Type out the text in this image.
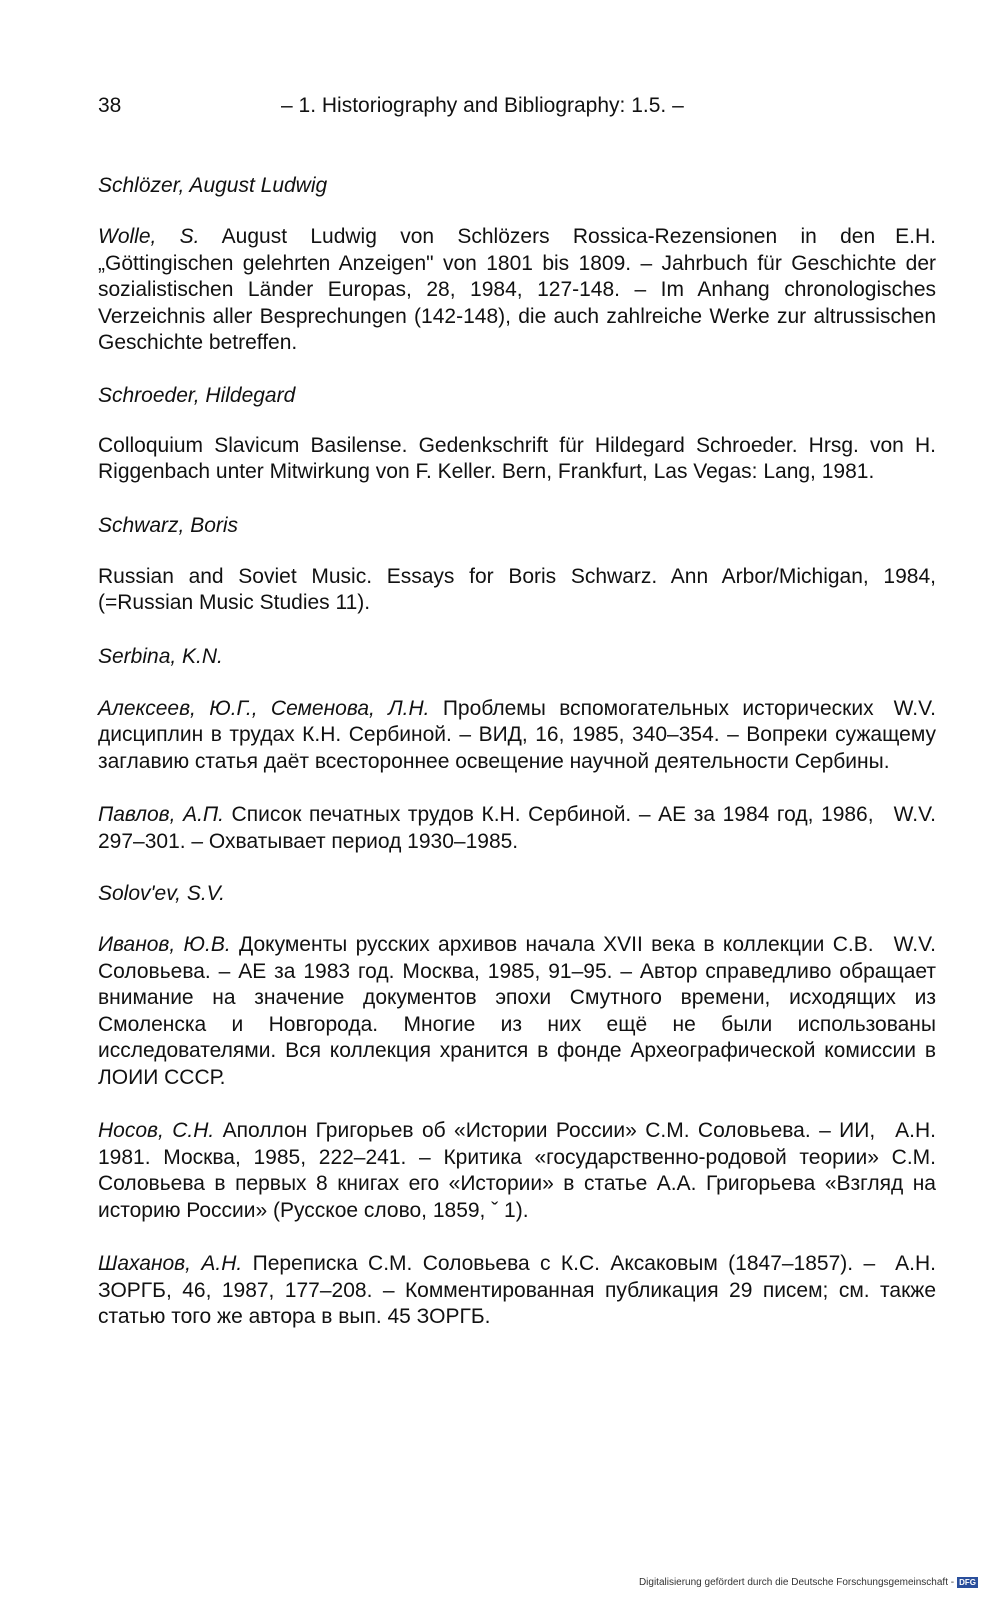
38	– 1. Historiography and Bibliography: 1.5. –

Schlözer, August Ludwig

E.H.
Wolle, S. August Ludwig von Schlözers Rossica-Rezensionen in den „Göttingischen gelehrten Anzeigen" von 1801 bis 1809. – Jahrbuch für Geschichte der sozialistischen Länder Europas, 28, 1984, 127-148. – Im Anhang chronologisches Verzeichnis aller Besprechungen (142-148), die auch zahlreiche Werke zur altrussischen Geschichte betreffen.

Schroeder, Hildegard

Colloquium Slavicum Basilense. Gedenkschrift für Hildegard Schroeder. Hrsg. von H. Riggenbach unter Mitwirkung von F. Keller. Bern, Frankfurt, Las Vegas: Lang, 1981.

Schwarz, Boris

Russian and Soviet Music. Essays for Boris Schwarz. Ann Arbor/Michigan, 1984, (=Russian Music Studies 11).

Serbina, K.N.

W.V.
Алексеев, Ю.Г., Семенова, Л.Н. Проблемы вспомогательных исторических дисциплин в трудах К.Н. Сербиной. – ВИД, 16, 1985, 340–354. – Вопреки сужащему заглавию статья даёт всестороннее освещение научной деятельности Сербины.

W.V.
Павлов, А.П. Список печатных трудов К.Н. Сербиной. – АЕ за 1984 год, 1986, 297–301. – Охватывает период 1930–1985.

Solov'ev, S.V.

W.V.
Иванов, Ю.В. Документы русских архивов начала XVII века в коллекции С.В. Соловьева. – АЕ за 1983 год. Москва, 1985, 91–95. – Автор справедливо обращает внимание на значение документов эпохи Смутного времени, исходящих из Смоленска и Новгорода. Многие из них ещё не были использованы исследователями. Вся коллекция хранится в фонде Археографической комиссии в ЛОИИ СССР.

A.H.
Носов, С.Н. Аполлон Григорьев об «Истории России» С.М. Соловьева. – ИИ, 1981. Москва, 1985, 222–241. – Критика «государственно-родовой теории» С.М. Соловьева в первых 8 книгах его «Истории» в статье А.А. Григорьева «Взгляд на историю России» (Русское слово, 1859, ˇ 1).

A.H.
Шаханов, А.Н. Переписка С.М. Соловьева с К.С. Аксаковым (1847–1857). – ЗОРГБ, 46, 1987, 177–208. – Комментированная публикация 29 писем; см. также статью того же автора в вып. 45 ЗОРГБ.

Digitalisierung gefördert durch die Deutsche Forschungsgemeinschaft - DFG
